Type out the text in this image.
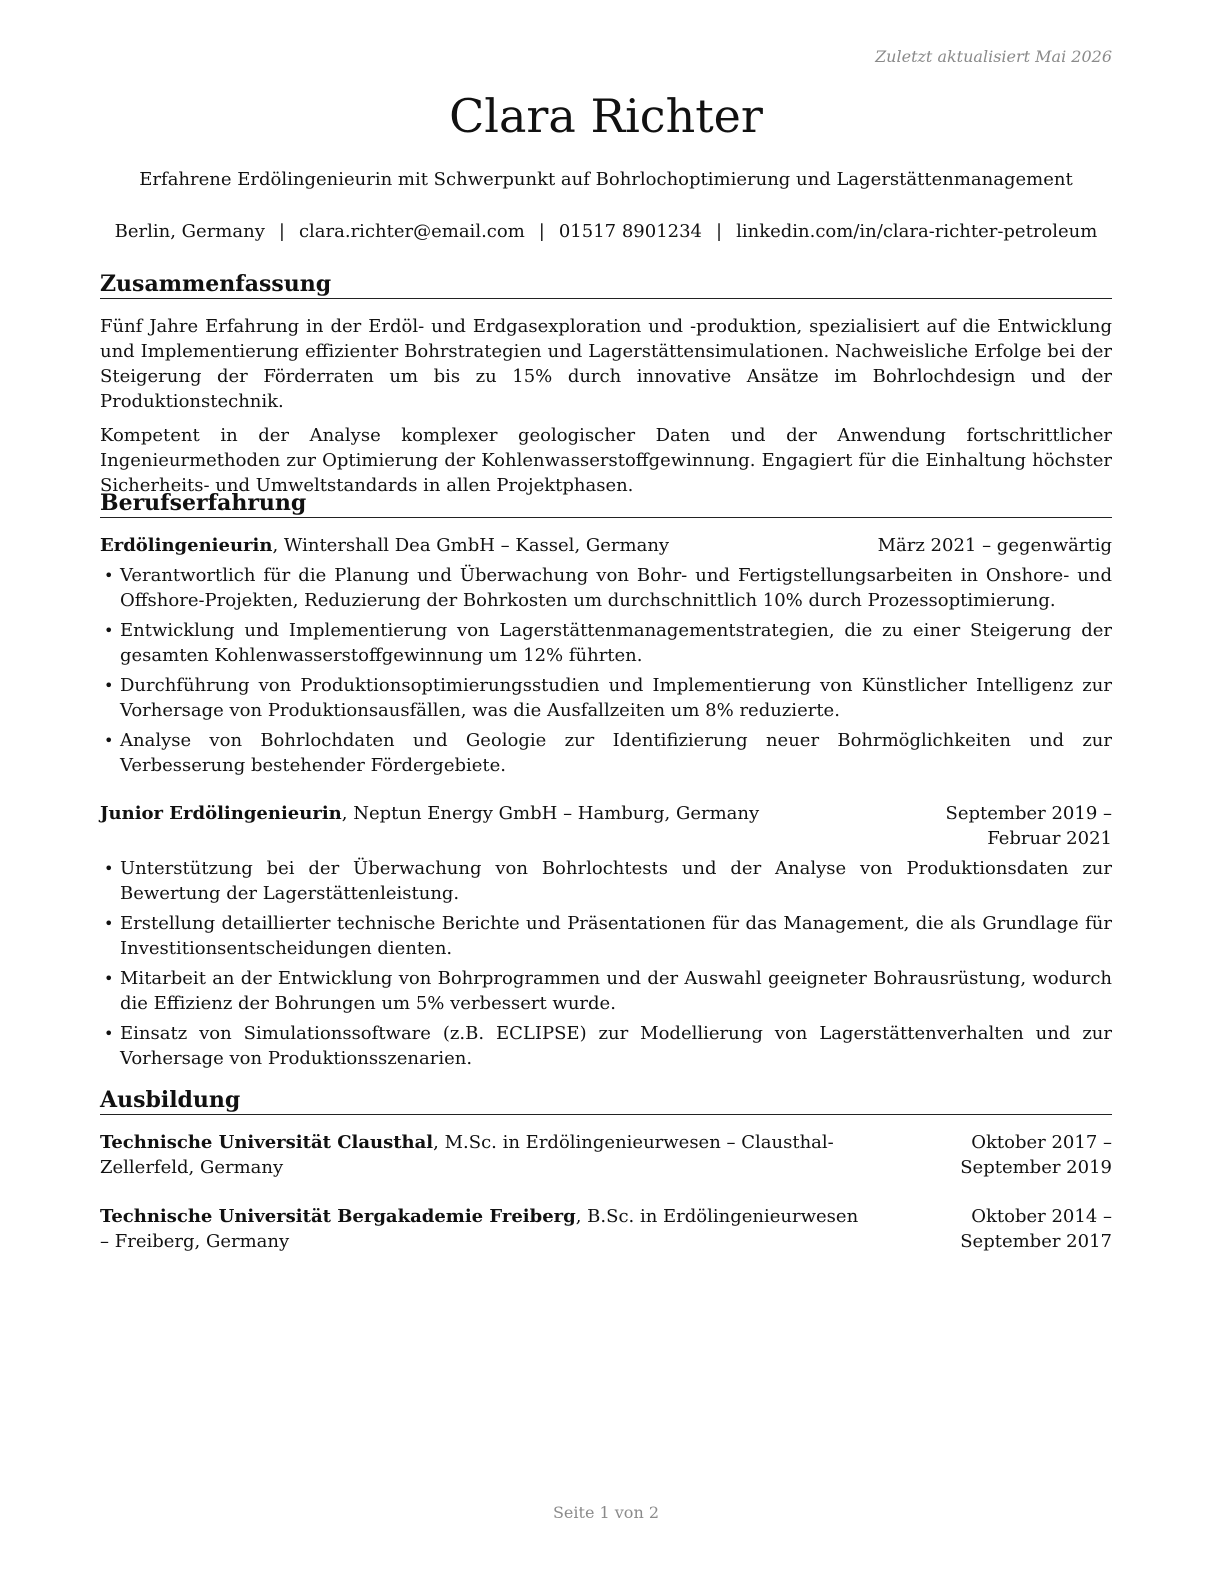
Zuletzt aktualisiert Mai 2026
Clara Richter
Erfahrene Erdölingenieurin mit Schwerpunkt auf Bohrlochoptimierung und Lagerstättenmanagement
Berlin, Germany | clara.richter@email.com | 01517 8901234 | linkedin.com/in/clara-richter-petroleum
Zusammenfassung

Fünf Jahre Erfahrung in der Erdöl- und Erdgasexploration und -produktion, spezialisiert auf die Entwicklung und Implementierung effizienter Bohrstrategien und Lagerstättensimulationen. Nachweisliche Erfolge bei der Steigerung der Förderraten um bis zu 15% durch innovative Ansätze im Bohrlochdesign und der Produktionstechnik.

Kompetent in der Analyse komplexer geologischer Daten und der Anwendung fortschrittlicher Ingenieurmethoden zur Optimierung der Kohlenwasserstoffgewinnung. Engagiert für die Einhaltung höchster Sicherheits- und Umweltstandards in allen Projektphasen.

Berufserfahrung
Erdölingenieurin, Wintershall Dea GmbH – Kassel, Germany	März 2021 – gegenwärtig
• Verantwortlich für die Planung und Überwachung von Bohr- und Fertigstellungsarbeiten in Onshore- und Offshore-Projekten, Reduzierung der Bohrkosten um durchschnittlich 10% durch Prozessoptimierung.
• Entwicklung und Implementierung von Lagerstättenmanagementstrategien, die zu einer Steigerung der gesamten Kohlenwasserstoffgewinnung um 12% führten.
• Durchführung von Produktionsoptimierungsstudien und Implementierung von Künstlicher Intelligenz zur Vorhersage von Produktionsausfällen, was die Ausfallzeiten um 8% reduzierte.
• Analyse von Bohrlochdaten und Geologie zur Identifizierung neuer Bohrmöglichkeiten und zur Verbesserung bestehender Fördergebiete.
Junior Erdölingenieurin, Neptun Energy GmbH – Hamburg, Germany	September 2019 – Februar 2021
• Unterstützung bei der Überwachung von Bohrlochtests und der Analyse von Produktionsdaten zur Bewertung der Lagerstättenleistung.
• Erstellung detaillierter technische Berichte und Präsentationen für das Management, die als Grundlage für Investitionsentscheidungen dienten.
• Mitarbeit an der Entwicklung von Bohrprogrammen und der Auswahl geeigneter Bohrausrüstung, wodurch die Effizienz der Bohrungen um 5% verbessert wurde.
• Einsatz von Simulationssoftware (z.B. ECLIPSE) zur Modellierung von Lagerstättenverhalten und zur Vorhersage von Produktionsszenarien.
Ausbildung
Technische Universität Clausthal, M.Sc. in Erdölingenieurwesen – Clausthal-Zellerfeld, Germany
Oktober 2017 – September 2019
Technische Universität Bergakademie Freiberg, B.Sc. in Erdölingenieurwesen – Freiberg, Germany
Oktober 2014 – September 2017
Seite 1 von 2
